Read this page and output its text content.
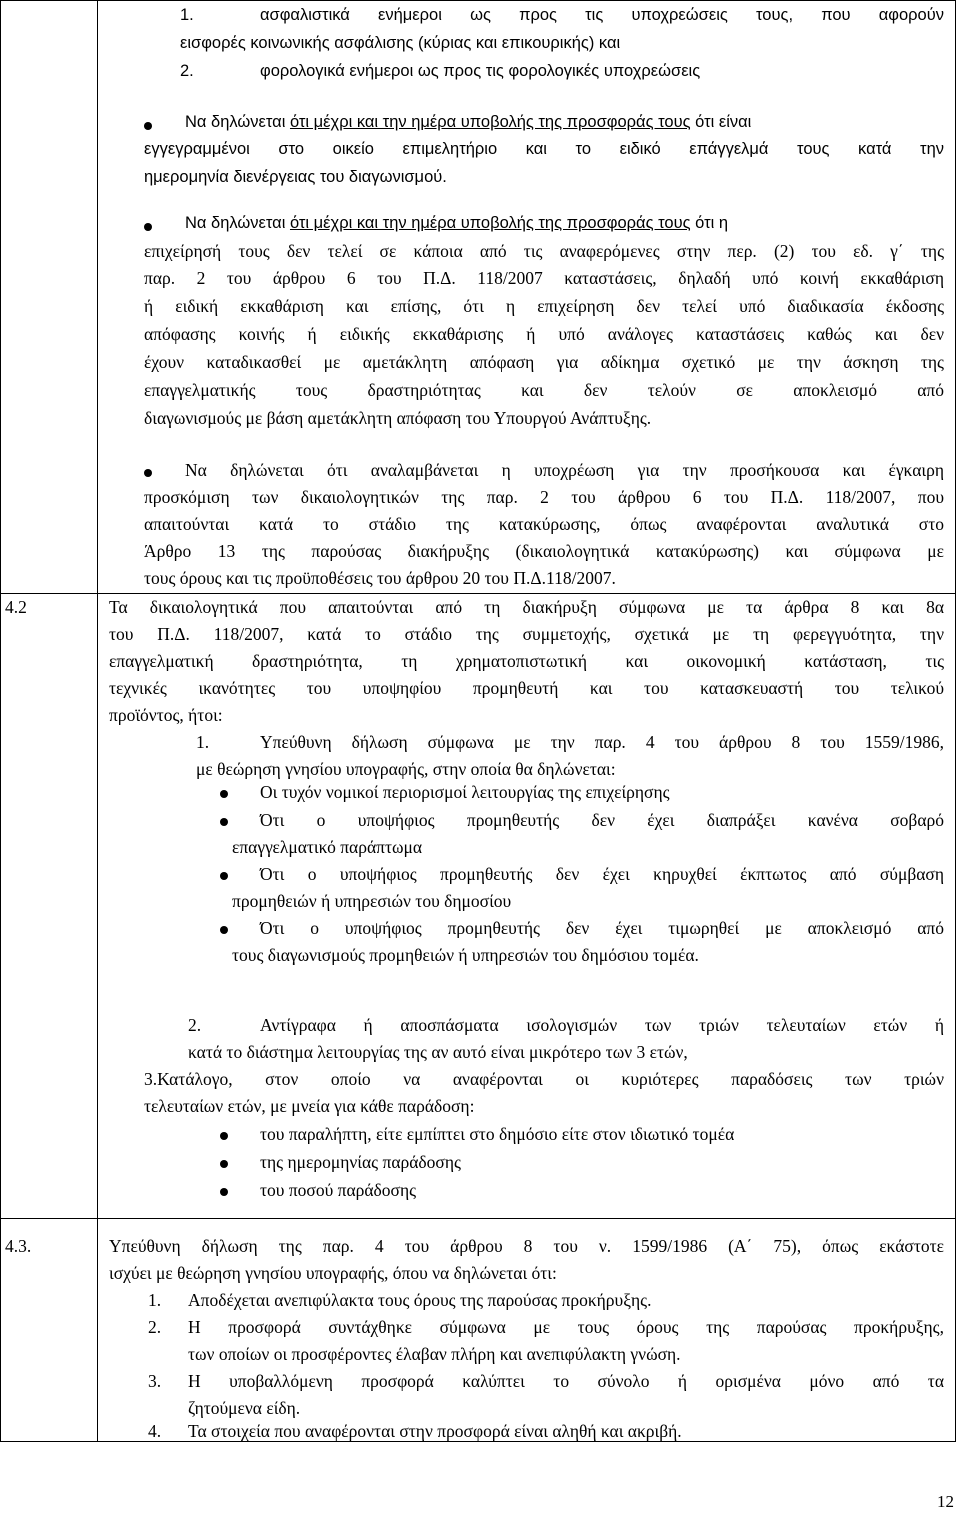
1.	ασφαλιστικά ενήμεροι ως προς τις υποχρεώσεις τους, που αφορούν
εισφορές κοινωνικής ασφάλισης (κύριας και επικουρικής) και
2.	φορολογικά ενήμεροι ως προς τις φορολογικές υποχρεώσεις
Να δηλώνεται ότι μέχρι και την ημέρα υποβολής της προσφοράς τους ότι είναι
εγγεγραμμένοι στο οικείο επιμελητήριο και το ειδικό επάγγελμά τους κατά την
ημερομηνία διενέργειας του διαγωνισμού.
Να δηλώνεται ότι μέχρι και την ημέρα υποβολής της προσφοράς τους ότι η
επιχείρησή τους δεν τελεί σε κάποια από τις αναφερόμενες στην περ. (2) του εδ. γ΄ της
παρ. 2 του άρθρου 6 του Π.Δ. 118/2007 καταστάσεις, δηλαδή υπό κοινή εκκαθάριση
ή ειδική εκκαθάριση και επίσης, ότι η επιχείρηση δεν τελεί υπό διαδικασία έκδοσης
απόφασης κοινής ή ειδικής εκκαθάρισης ή υπό ανάλογες καταστάσεις καθώς και δεν
έχουν καταδικασθεί με αμετάκλητη απόφαση για αδίκημα σχετικό με την άσκηση της
επαγγελματικής τους δραστηριότητας και δεν τελούν σε αποκλεισμό από
διαγωνισμούς με βάση αμετάκλητη απόφαση του Υπουργού Ανάπτυξης.
Να δηλώνεται ότι αναλαμβάνεται η υποχρέωση για την προσήκουσα και έγκαιρη
προσκόμιση των δικαιολογητικών της παρ. 2 του άρθρου 6 του Π.Δ. 118/2007, που
απαιτούνται κατά το στάδιο της κατακύρωσης, όπως αναφέρονται αναλυτικά στο
Άρθρο 13 της παρούσας διακήρυξης (δικαιολογητικά κατακύρωσης) και σύμφωνα με
τους όρους και τις προϋποθέσεις του άρθρου 20 του Π.Δ.118/2007.
4.2	Τα δικαιολογητικά που απαιτούνται από τη διακήρυξη σύμφωνα με τα άρθρα 8 και 8α
του Π.Δ. 118/2007, κατά το στάδιο της συμμετοχής, σχετικά με τη φερεγγυότητα, την
επαγγελματική δραστηριότητα, τη χρηματοπιστωτική και οικονομική κατάσταση, τις
τεχνικές ικανότητες του υποψηφίου προμηθευτή και του κατασκευαστή του τελικού
προϊόντος, ήτοι:
1.	Υπεύθυνη δήλωση σύμφωνα με την παρ. 4 του άρθρου 8 του 1559/1986,
με θεώρηση γνησίου υπογραφής, στην οποία θα δηλώνεται:
Οι τυχόν νομικοί περιορισμοί λειτουργίας της επιχείρησης
Ότι ο υποψήφιος προμηθευτής δεν έχει διαπράξει κανένα σοβαρό
επαγγελματικό παράπτωμα
Ότι ο υποψήφιος προμηθευτής δεν έχει κηρυχθεί έκπτωτος από σύμβαση
προμηθειών ή υπηρεσιών του δημοσίου
Ότι ο υποψήφιος προμηθευτής δεν έχει τιμωρηθεί με αποκλεισμό από
τους διαγωνισμούς προμηθειών ή υπηρεσιών του δημόσιου τομέα.
2.	Αντίγραφα ή αποσπάσματα ισολογισμών των τριών τελευταίων ετών ή
κατά το διάστημα λειτουργίας της αν αυτό είναι μικρότερο των 3 ετών,
3.Κατάλογο, στον οποίο να αναφέρονται οι κυριότερες παραδόσεις των τριών
τελευταίων ετών, με μνεία για κάθε παράδοση:
του παραλήπτη, είτε εμπίπτει στο δημόσιο είτε στον ιδιωτικό τομέα
της ημερομηνίας παράδοσης
του ποσού παράδοσης
4.3.	Υπεύθυνη δήλωση της παρ. 4 του άρθρου 8 του ν. 1599/1986 (Α΄ 75), όπως εκάστοτε
ισχύει με θεώρηση γνησίου υπογραφής, όπου να δηλώνεται ότι:
1. Αποδέχεται ανεπιφύλακτα τους όρους της παρούσας προκήρυξης.
2. Η προσφορά συντάχθηκε σύμφωνα με τους όρους της παρούσας προκήρυξης,
των οποίων οι προσφέροντες έλαβαν πλήρη και ανεπιφύλακτη γνώση.
3. Η υποβαλλόμενη προσφορά καλύπτει το σύνολο ή ορισμένα μόνο από τα
ζητούμενα είδη.
4. Τα στοιχεία που αναφέρονται στην προσφορά είναι αληθή και ακριβή.
12
